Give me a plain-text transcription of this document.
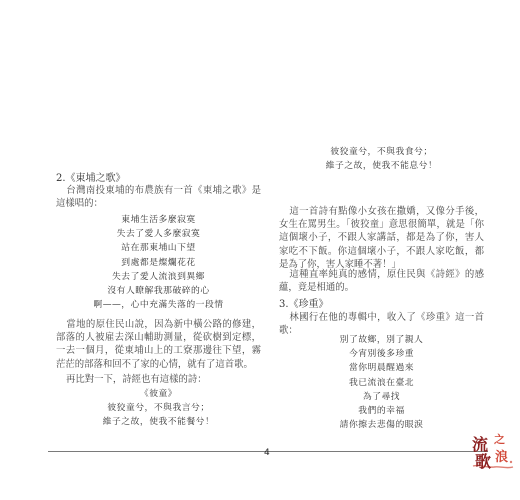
2.《東埔之歌》
台灣南投東埔的布農族有一首《東埔之歌》是這樣唱的：
東埔生活多麼寂寞
失去了愛人多麼寂寞
站在那東埔山下望
到處都是燦爛花花
失去了愛人流浪到異鄉
沒有人瞭解我那破碎的心
啊——，心中充滿失落的一段情
當地的原住民山說，因為新中橫公路的修建，部落的人被雇去深山輔助測量，從砍樹到定標，一去一個月，從東埔山上的工寮那邊往下望，霧茫茫的部落和回不了家的心情，就有了這首歌。
再比對一下，詩經也有這樣的詩：
《彼童》
彼狡童兮，不與我言兮；
維子之故，使我不能餐兮！
彼狡童兮，不與我食兮；
維子之故，使我不能息兮！
這一首詩有點像小女孩在撒嬌，又像分手後，女生在罵男生。「彼狡童」意思很簡單，就是「你這個壞小子，不跟人家講話，都是為了你，害人家吃不下飯。你這個壞小子，不跟人家吃飯，都是為了你，害人家睡不著！」
這種直率純真的感情，原住民與《詩經》的感蘊，竟是相通的。
3.《珍重》
林國行在他的專輯中，收入了《珍重》這一首歌：
別了故鄉，別了親人
今宵別後多珍重
當你明晨醒過來
我已流浪在臺北
為了尋找
我們的幸福
請你擦去悲傷的眼淚
4	流 之
歌 浪
